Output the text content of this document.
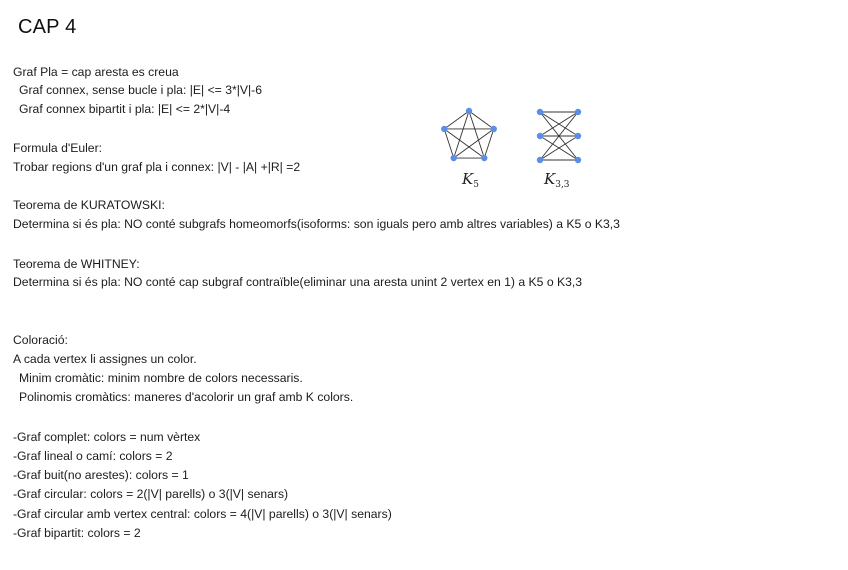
CAP 4
Graf Pla = cap aresta es creua
Graf connex, sense bucle i pla: |E| <= 3*|V|-6
Graf connex bipartit i pla: |E| <= 2*|V|-4
Formula d'Euler:
Trobar regions d'un graf pla i connex: |V| - |A| +|R| =2
Teorema de KURATOWSKI:
Determina si és pla: NO conté subgrafs homeomorfs(isoforms: son iguals pero amb altres variables) a K5 o K3,3
Teorema de WHITNEY:
Determina si és pla: NO conté cap subgraf contraïble(eliminar una aresta unint 2 vertex en 1) a K5 o K3,3
Coloració:
A cada vertex li assignes un color.
Minim cromàtic: minim nombre de colors necessaris.
Polinomis cromàtics: maneres d'acolorir un graf amb K colors.
-Graf complet: colors = num vèrtex
-Graf lineal o camí: colors = 2
-Graf buit(no arestes): colors = 1
-Graf circular: colors = 2(|V| parells) o 3(|V| senars)
-Graf circular amb vertex central: colors = 4(|V| parells) o 3(|V| senars)
-Graf bipartit: colors = 2
$K_5$	$K_{3,3}$
